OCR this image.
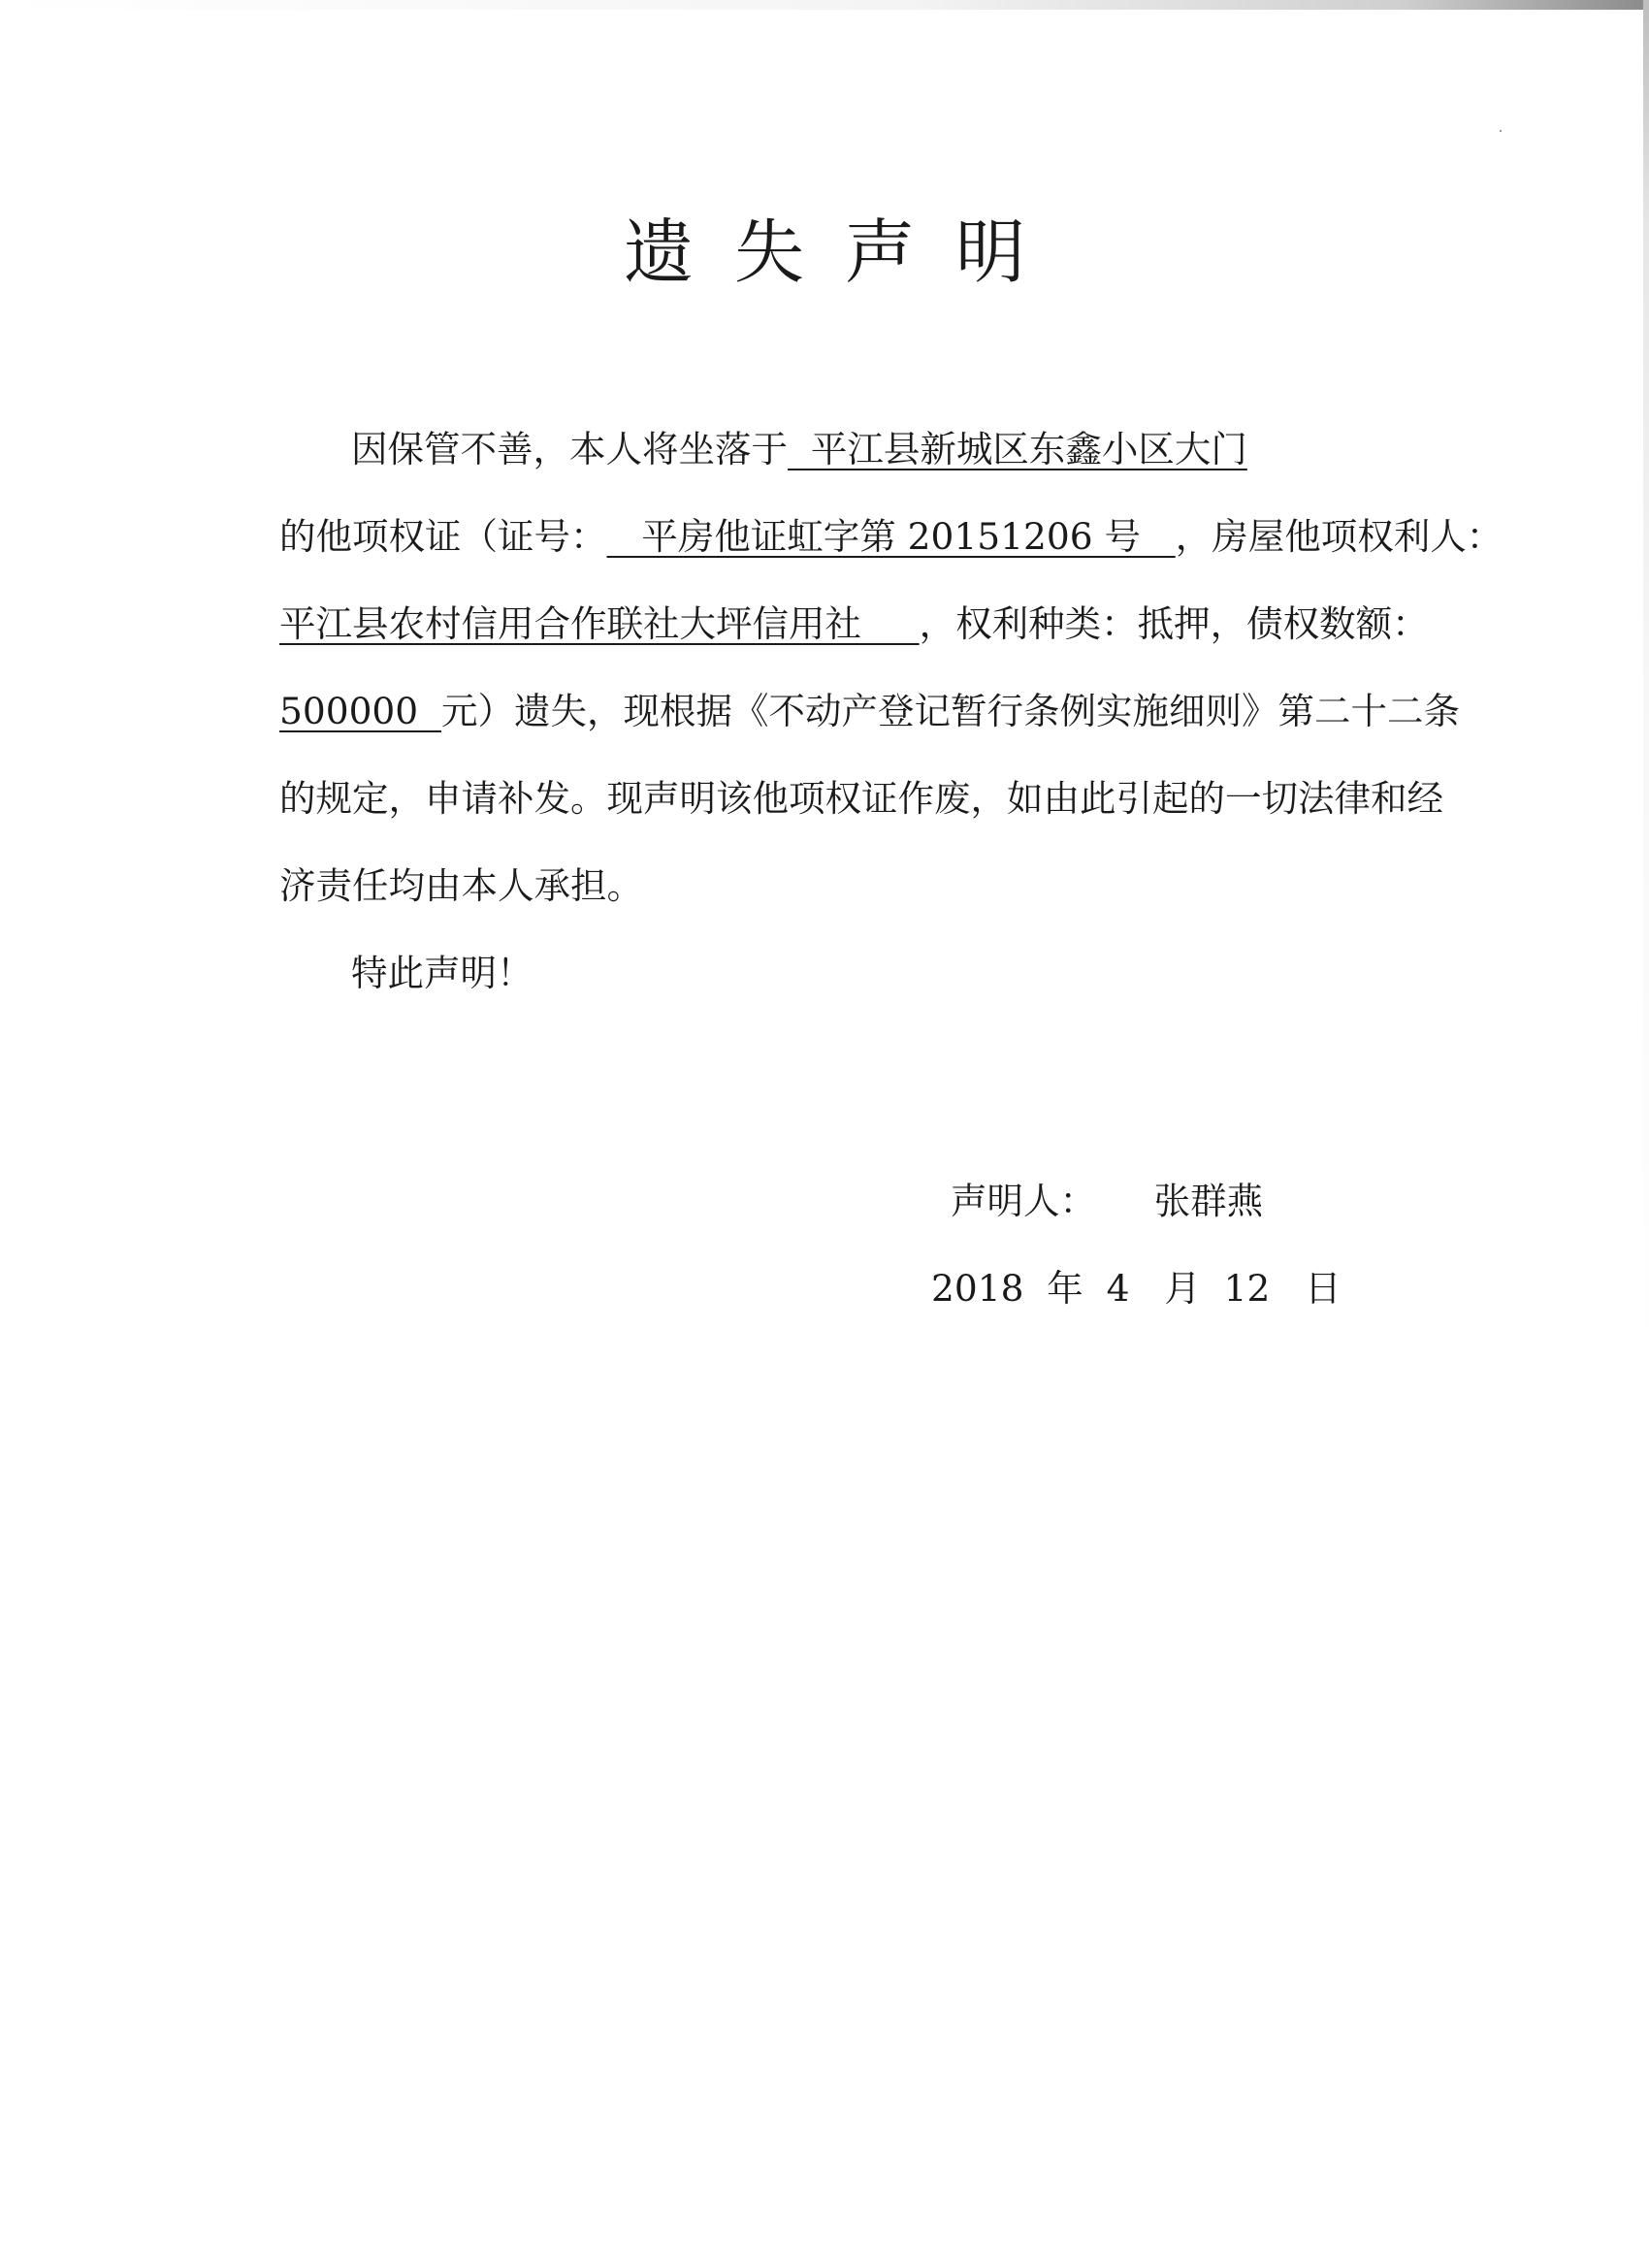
遗失声明
因保管不善，本人将坐落于  平江县新城区东鑫小区大门
的他项权证（证号：   平房他证虹字第 20151206 号   ，房屋他项权利人：
平江县农村信用合作联社大坪信用社     ，权利种类：抵押，债权数额：
500000  元）遗失，现根据《不动产登记暂行条例实施细则》第二十二条
的规定，申请补发。现声明该他项权证作废，如由此引起的一切法律和经
济责任均由本人承担。
特此声明！
声明人： 张群燕
2018 年 4 月 12 日
